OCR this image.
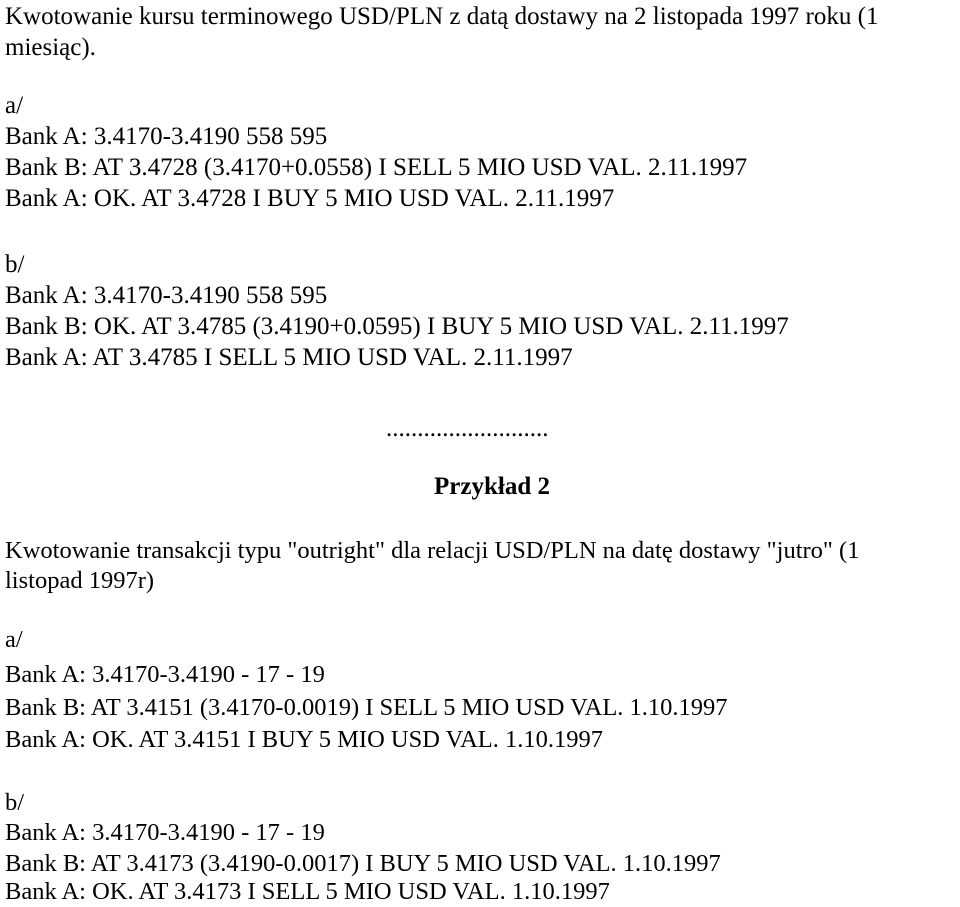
Kwotowanie kursu terminowego USD/PLN z datą dostawy na 2 listopada 1997 roku (1
miesiąc).
a/
Bank A: 3.4170-3.4190 558 595
Bank B: AT 3.4728 (3.4170+0.0558) I SELL 5 MIO USD VAL. 2.11.1997
Bank A: OK. AT 3.4728 I BUY 5 MIO USD VAL. 2.11.1997
b/
Bank A: 3.4170-3.4190 558 595
Bank B: OK. AT 3.4785 (3.4190+0.0595) I BUY 5 MIO USD VAL. 2.11.1997
Bank A: AT 3.4785 I SELL 5 MIO USD VAL. 2.11.1997
..........................
Przykład 2
Kwotowanie transakcji typu "outright" dla relacji USD/PLN na datę dostawy "jutro" (1
listopad 1997r)
a/
Bank A: 3.4170-3.4190 - 17 - 19
Bank B: AT 3.4151 (3.4170-0.0019) I SELL 5 MIO USD VAL. 1.10.1997
Bank A: OK. AT 3.4151 I BUY 5 MIO USD VAL. 1.10.1997
b/
Bank A: 3.4170-3.4190 - 17 - 19
Bank B: AT 3.4173 (3.4190-0.0017) I BUY 5 MIO USD VAL. 1.10.1997
Bank A: OK. AT 3.4173 I SELL 5 MIO USD VAL. 1.10.1997
